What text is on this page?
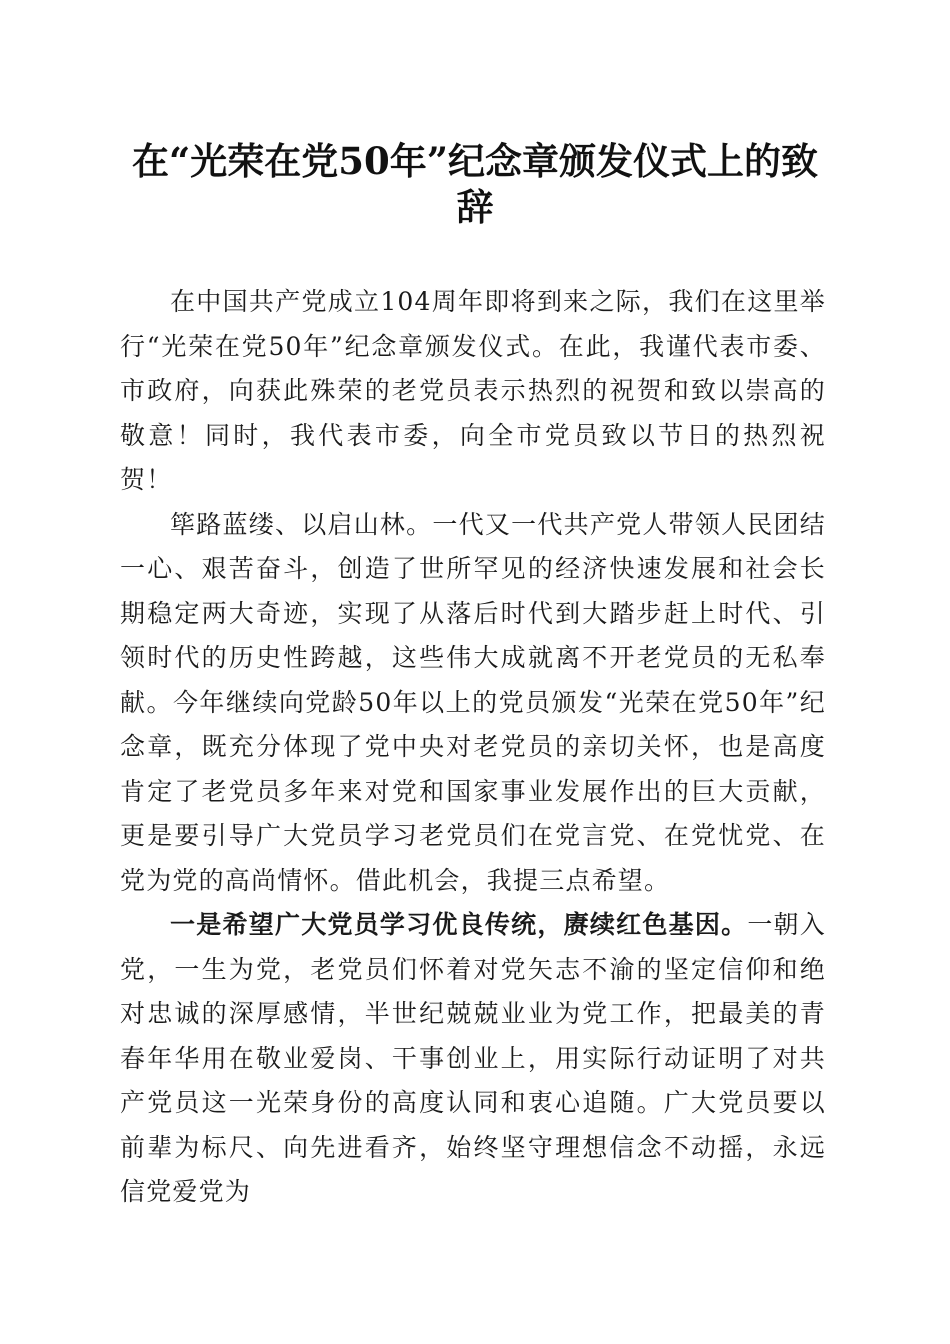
在“光荣在党50年”纪念章颁发仪式上的致辞

在中国共产党成立104周年即将到来之际，我们在这里举行“光荣在党50年”纪念章颁发仪式。在此，我谨代表市委、市政府，向获此殊荣的老党员表示热烈的祝贺和致以崇高的敬意！同时，我代表市委，向全市党员致以节日的热烈祝贺！

筚路蓝缕、以启山林。一代又一代共产党人带领人民团结一心、艰苦奋斗，创造了世所罕见的经济快速发展和社会长期稳定两大奇迹，实现了从落后时代到大踏步赶上时代、引领时代的历史性跨越，这些伟大成就离不开老党员的无私奉献。今年继续向党龄50年以上的党员颁发“光荣在党50年”纪念章，既充分体现了党中央对老党员的亲切关怀，也是高度肯定了老党员多年来对党和国家事业发展作出的巨大贡献，更是要引导广大党员学习老党员们在党言党、在党忧党、在党为党的高尚情怀。借此机会，我提三点希望。

一是希望广大党员学习优良传统，赓续红色基因。一朝入党，一生为党，老党员们怀着对党矢志不渝的坚定信仰和绝对忠诚的深厚感情，半世纪兢兢业业为党工作，把最美的青春年华用在敬业爱岗、干事创业上，用实际行动证明了对共产党员这一光荣身份的高度认同和衷心追随。广大党员要以前辈为标尺、向先进看齐，始终坚守理想信念不动摇，永远信党爱党为
